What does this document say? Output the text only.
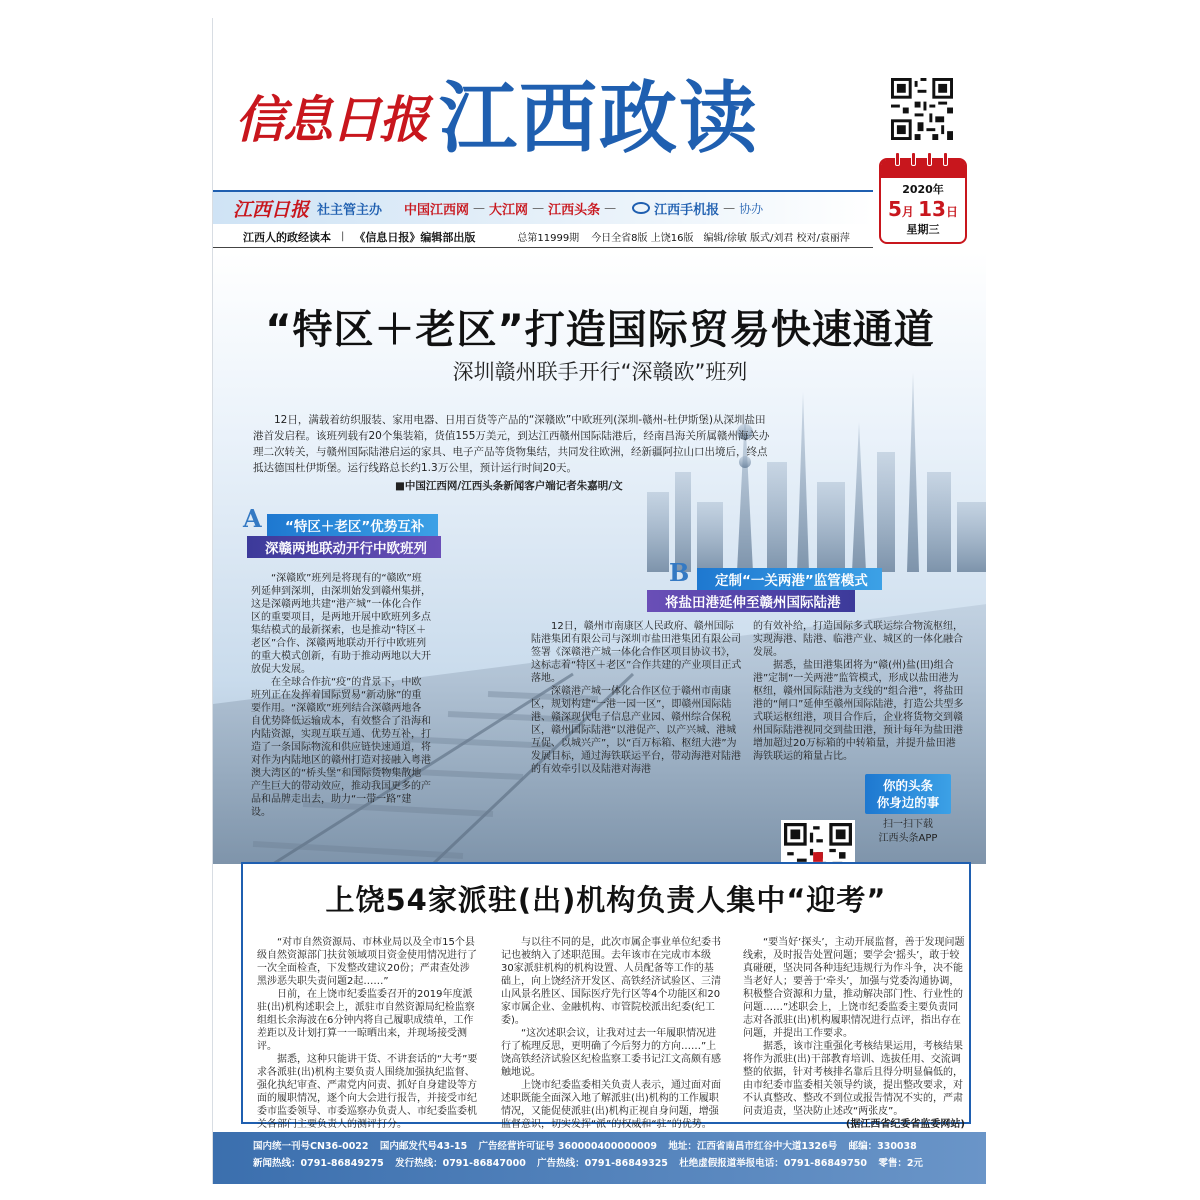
信息日报 江西政读
2020年
5月 13日
星期三
江西日报 社主管主办 中国江西网 — 大江网 — 江西头条 —	江西手机报 — 协办
江西人的政经读本 | 《信息日报》编辑部出版	总第11999期 今日全省8版 上饶16版 编辑/徐敏 版式/刘君 校对/袁丽萍
“特区＋老区”打造国际贸易快速通道
深圳赣州联手开行“深赣欧”班列

12日，满载着纺织服装、家用电器、日用百货等产品的“深赣欧”中欧班列(深圳-赣州-杜伊斯堡)从深圳盐田港首发启程。该班列载有20个集装箱，货值155万美元，到达江西赣州国际陆港后，经南昌海关所属赣州海关办理二次转关，与赣州国际陆港启运的家具、电子产品等货物集结，共同发往欧洲，经新疆阿拉山口出境后，终点抵达德国杜伊斯堡。运行线路总长约1.3万公里，预计运行时间20天。

■中国江西网/江西头条新闻客户端记者朱嘉明/文
A	“特区＋老区”优势互补
深赣两地联动开行中欧班列

“深赣欧”班列是将现有的“赣欧”班列延伸到深圳，由深圳始发到赣州集拼，这是深赣两地共建“港产城”一体化合作区的重要项目，是两地开展中欧班列多点集结模式的最新探索，也是推动“特区＋老区”合作、深赣两地联动开行中欧班列的重大模式创新，有助于推动两地以大开放促大发展。

在全球合作抗“疫”的背景下，中欧班列正在发挥着国际贸易“新动脉”的重要作用。“深赣欧”班列结合深赣两地各自优势降低运输成本，有效整合了沿海和内陆资源，实现互联互通、优势互补，打造了一条国际物流和供应链快速通道，将对作为内陆地区的赣州打造对接融入粤港澳大湾区的“桥头堡”和国际货物集散地产生巨大的带动效应，推动我国更多的产品和品牌走出去，助力“一带一路”建设。

B	定制“一关两港”监管模式
将盐田港延伸至赣州国际陆港

12日，赣州市南康区人民政府、赣州国际陆港集团有限公司与深圳市盐田港集团有限公司签署《深赣港产城一体化合作区项目协议书》，这标志着“特区＋老区”合作共建的产业项目正式落地。

深赣港产城一体化合作区位于赣州市南康区，规划构建“一港一园一区”，即赣州国际陆港、赣深现代电子信息产业园、赣州综合保税区，赣州国际陆港“以港促产、以产兴城、港城互促、以城兴产”，以“百万标箱、枢纽大港”为发展目标，通过海铁联运平台，带动海港对陆港的有效牵引以及陆港对海港

的有效补给，打造国际多式联运综合物流枢纽，实现海港、陆港、临港产业、城区的一体化融合发展。

据悉，盐田港集团将为“赣(州)盐(田)组合港”定制“一关两港”监管模式，形成以盐田港为枢纽，赣州国际陆港为支线的“组合港”，将盐田港的“闸口”延伸至赣州国际陆港，打造公共型多式联运枢纽港，项目合作后，企业将货物交到赣州国际陆港视同交到盐田港，预计每年为盐田港增加超过20万标箱的中转箱量，并提升盐田港海铁联运的箱量占比。

你的头条
你身边的事
扫一扫下载
江西头条APP
上饶54家派驻(出)机构负责人集中“迎考”

“对市自然资源局、市林业局以及全市15个县级自然资源部门扶贫领域项目资金使用情况进行了一次全面检查，下发整改建议20份；严肃查处涉黑涉恶失职失责问题2起……”

日前，在上饶市纪委监委召开的2019年度派驻(出)机构述职会上，派驻市自然资源局纪检监察组组长余海波在6分钟内将自己履职成绩单，工作差距以及计划打算一一晾晒出来，并现场接受测评。

据悉，这种只能讲干货、不讲套话的“大考”要求各派驻(出)机构主要负责人围绕加强执纪监督、强化执纪审查、严肃党内问责、抓好自身建设等方面的履职情况，逐个向大会进行报告，并接受市纪委市监委领导、市委巡察办负责人、市纪委监委机关各部门主要负责人的测评打分。

与以往不同的是，此次市属企事业单位纪委书记也被纳入了述职范围。去年该市在完成市本级30家派驻机构的机构设置、人员配备等工作的基础上，向上饶经济开发区、高铁经济试验区、三清山风景名胜区、国际医疗先行区等4个功能区和20家市属企业、金融机构、市管院校派出纪委(纪工委)。

“这次述职会议，让我对过去一年履职情况进行了梳理反思，更明确了今后努力的方向……”上饶高铁经济试验区纪检监察工委书记江文高颇有感触地说。

上饶市纪委监委相关负责人表示，通过面对面述职既能全面深入地了解派驻(出)机构的工作履职情况，又能促使派驻(出)机构正视自身问题，增强监督意识，切实发挥“派”的权威和“驻”的优势。

“要当好‘探头’，主动开展监督，善于发现问题线索，及时报告处置问题；要学会‘摇头’，敢于较真碰硬，坚决同各种违纪违规行为作斗争，决不能当老好人；要善于‘牵头’，加强与党委沟通协调，积极整合资源和力量，推动解决部门性、行业性的问题……”述职会上，上饶市纪委监委主要负责同志对各派驻(出)机构履职情况进行点评，指出存在问题，并提出工作要求。

据悉，该市注重强化考核结果运用，考核结果将作为派驻(出)干部教育培训、选拔任用、交流调整的依据，针对考核排名靠后且得分明显偏低的，由市纪委市监委相关领导约谈，提出整改要求，对不认真整改、整改不到位或报告情况不实的，严肃问责追责，坚决防止述改“两张皮”。

(据江西省纪委省监委网站)
国内统一刊号CN36-0022 国内邮发代号43-15 广告经营许可证号 360000400000009 地址：江西省南昌市红谷中大道1326号 邮编：330038
新闻热线：0791-86849275 发行热线：0791-86847000 广告热线：0791-86849325 杜绝虚假报道举报电话：0791-86849750 零售：2元
